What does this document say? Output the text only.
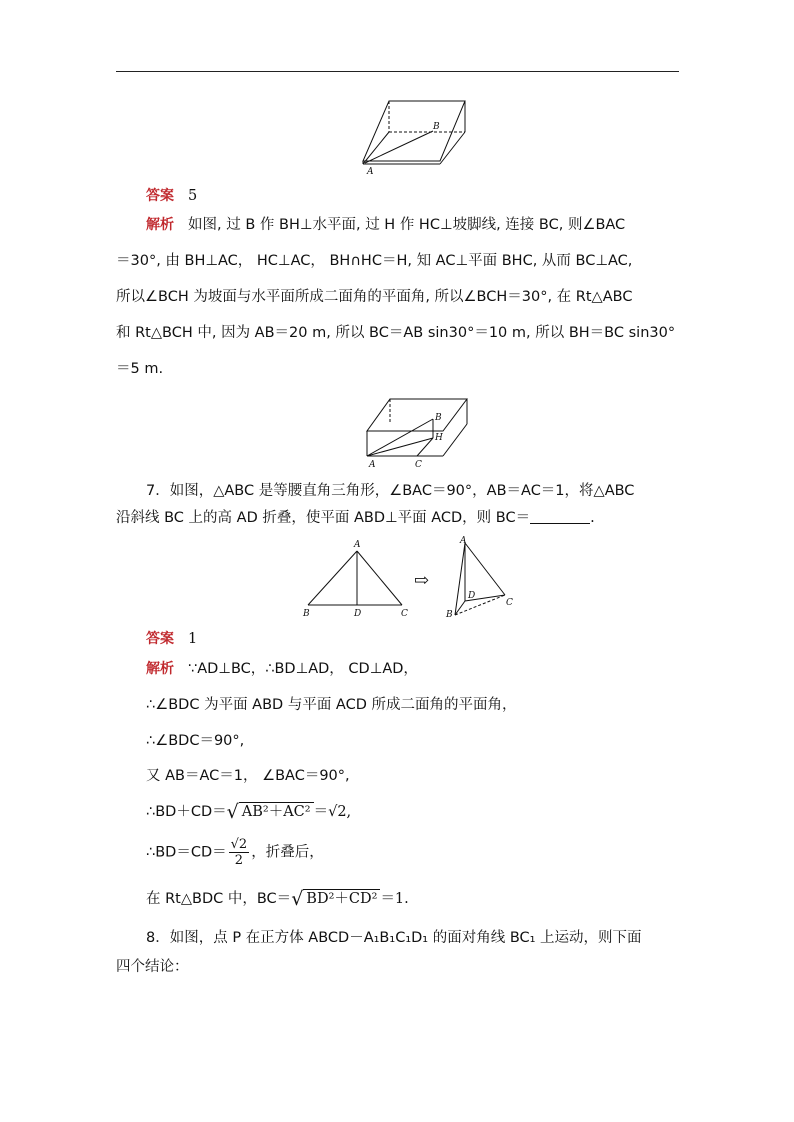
B
A
答案 5
解析 如图, 过 B 作 BH⊥水平面, 过 H 作 HC⊥坡脚线, 连接 BC, 则∠BAC
＝30°, 由 BH⊥AC， HC⊥AC， BH∩HC＝H, 知 AC⊥平面 BHC, 从而 BC⊥AC,
所以∠BCH 为坡面与水平面所成二面角的平面角, 所以∠BCH＝30°, 在 Rt△ABC
和 Rt△BCH 中, 因为 AB＝20 m, 所以 BC＝AB sin30°＝10 m, 所以 BH＝BC sin30°
＝5 m.
B
H
A	C
7．如图，△ABC 是等腰直角三角形，∠BAC＝90°，AB＝AC＝1，将△ABC
沿斜线 BC 上的高 AD 折叠，使平面 ABD⊥平面 ACD，则 BC＝	.
A
B	D	C
⇨
A
B
D
C
答案 1
解析 ∵AD⊥BC，∴BD⊥AD， CD⊥AD，
∴∠BDC 为平面 ABD 与平面 ACD 所成二面角的平面角，
∴∠BDC＝90°,
又 AB＝AC＝1， ∠BAC＝90°,
∴BD＋CD＝√ AB²＋AC² ＝√2,
∴BD＝CD＝ $\frac{√2}{2}$ ，折叠后，
在 Rt△BDC 中，BC＝√ BD²＋CD² ＝1.
8．如图，点 P 在正方体 ABCD－A₁B₁C₁D₁ 的面对角线 BC₁ 上运动，则下面
四个结论：
